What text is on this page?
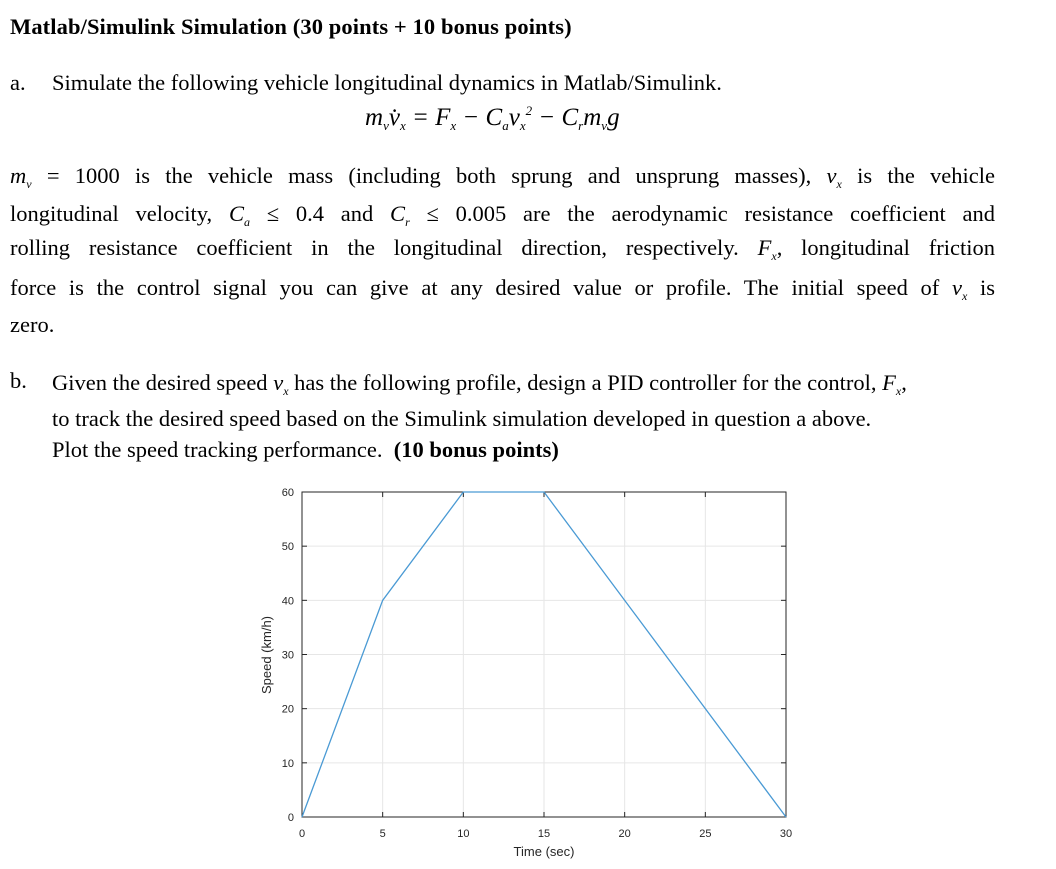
Matlab/Simulink Simulation (30 points + 10 bonus points)
a. Simulate the following vehicle longitudinal dynamics in Matlab/Simulink.
$m_vv̇_x = F_x - C_av_x^2 - C_rm_vg$
$m_v = 1000$ is the vehicle mass (including both sprung and unsprung masses), $v_x$ is the vehicle
longitudinal velocity, $C_a \le 0.4$ and $C_r \le 0.005$ are the aerodynamic resistance coefficient and
rolling resistance coefficient in the longitudinal direction, respectively. $F_x$, longitudinal friction
force is the control signal you can give at any desired value or profile. The initial speed of $v_x$ is
zero.
b. Given the desired speed $v_x$ has the following profile, design a PID controller for the control, $F_x$,
to track the desired speed based on the Simulink simulation developed in question a above.
Plot the speed tracking performance. (10 bonus points)
0	5	10	15	20	25	30
0
10
20
30
40
50
60
Time (sec)
Speed (km/h)
